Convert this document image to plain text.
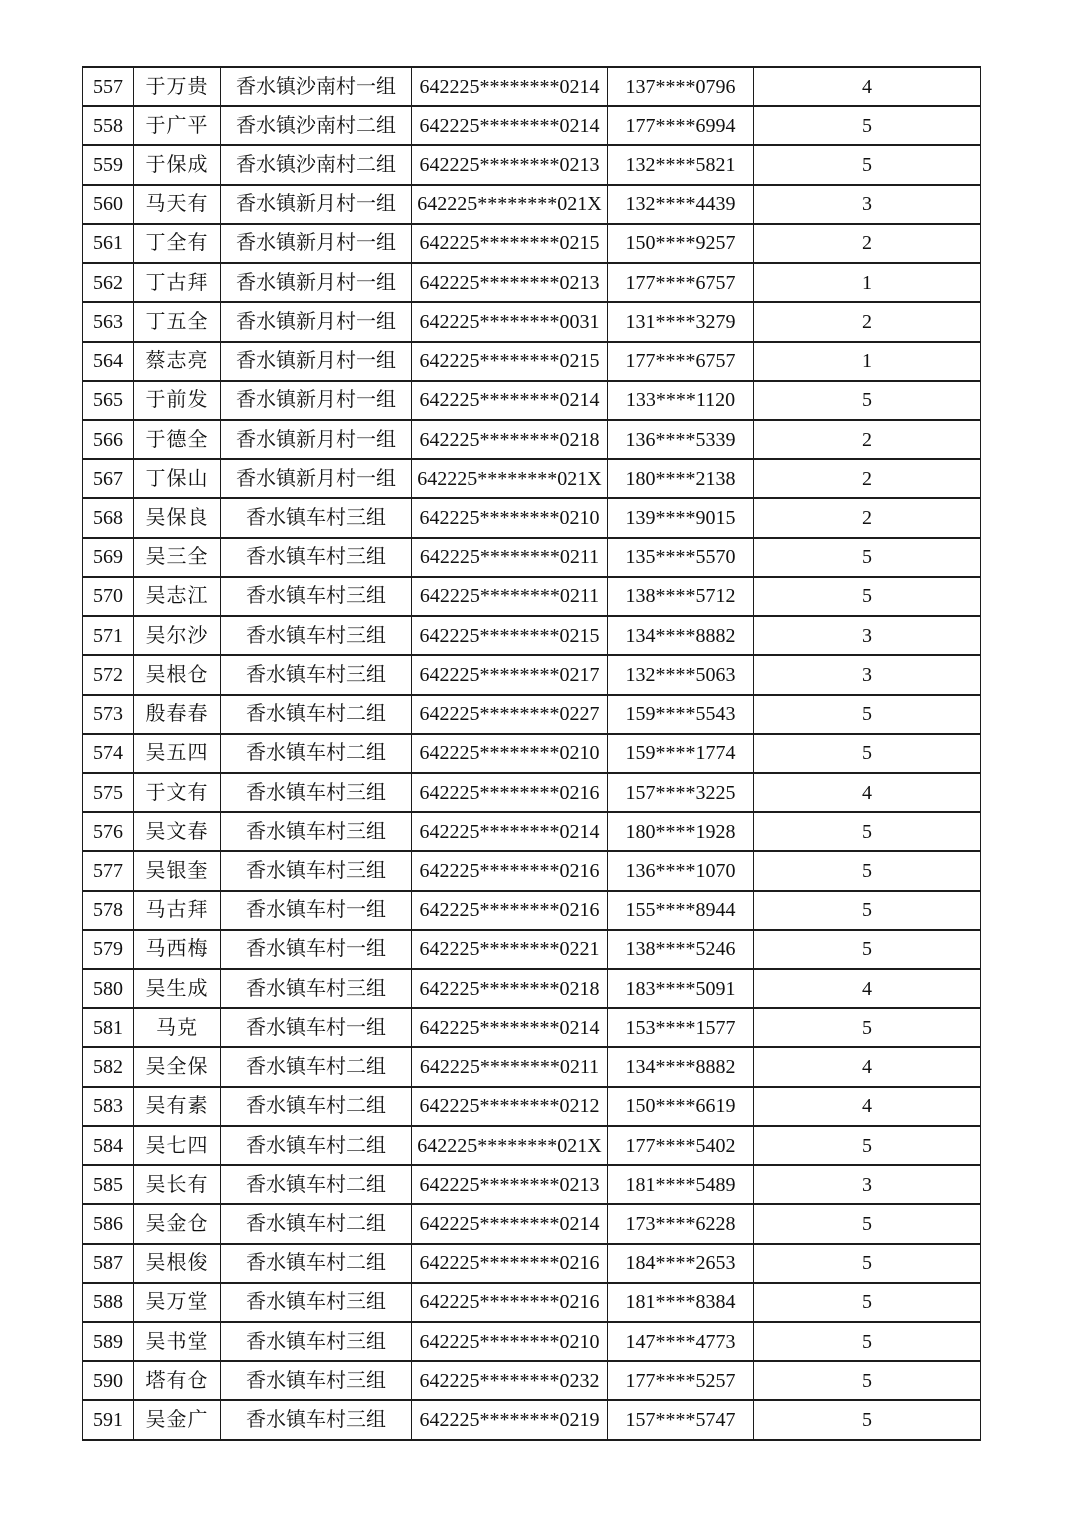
557	于万贵	香水镇沙南村一组	642225********0214	137****0796	4
558	于广平	香水镇沙南村二组	642225********0214	177****6994	5
559	于保成	香水镇沙南村二组	642225********0213	132****5821	5
560	马天有	香水镇新月村一组	642225********021X	132****4439	3
561	丁全有	香水镇新月村一组	642225********0215	150****9257	2
562	丁古拜	香水镇新月村一组	642225********0213	177****6757	1
563	丁五全	香水镇新月村一组	642225********0031	131****3279	2
564	蔡志亮	香水镇新月村一组	642225********0215	177****6757	1
565	于前发	香水镇新月村一组	642225********0214	133****1120	5
566	于德全	香水镇新月村一组	642225********0218	136****5339	2
567	丁保山	香水镇新月村一组	642225********021X	180****2138	2
568	吴保良	香水镇车村三组	642225********0210	139****9015	2
569	吴三全	香水镇车村三组	642225********0211	135****5570	5
570	吴志江	香水镇车村三组	642225********0211	138****5712	5
571	吴尔沙	香水镇车村三组	642225********0215	134****8882	3
572	吴根仓	香水镇车村三组	642225********0217	132****5063	3
573	殷春春	香水镇车村二组	642225********0227	159****5543	5
574	吴五四	香水镇车村二组	642225********0210	159****1774	5
575	于文有	香水镇车村三组	642225********0216	157****3225	4
576	吴文春	香水镇车村三组	642225********0214	180****1928	5
577	吴银奎	香水镇车村三组	642225********0216	136****1070	5
578	马古拜	香水镇车村一组	642225********0216	155****8944	5
579	马西梅	香水镇车村一组	642225********0221	138****5246	5
580	吴生成	香水镇车村三组	642225********0218	183****5091	4
581	马克	香水镇车村一组	642225********0214	153****1577	5
582	吴全保	香水镇车村二组	642225********0211	134****8882	4
583	吴有素	香水镇车村二组	642225********0212	150****6619	4
584	吴七四	香水镇车村二组	642225********021X	177****5402	5
585	吴长有	香水镇车村二组	642225********0213	181****5489	3
586	吴金仓	香水镇车村二组	642225********0214	173****6228	5
587	吴根俊	香水镇车村二组	642225********0216	184****2653	5
588	吴万堂	香水镇车村三组	642225********0216	181****8384	5
589	吴书堂	香水镇车村三组	642225********0210	147****4773	5
590	塔有仓	香水镇车村三组	642225********0232	177****5257	5
591	吴金广	香水镇车村三组	642225********0219	157****5747	5
